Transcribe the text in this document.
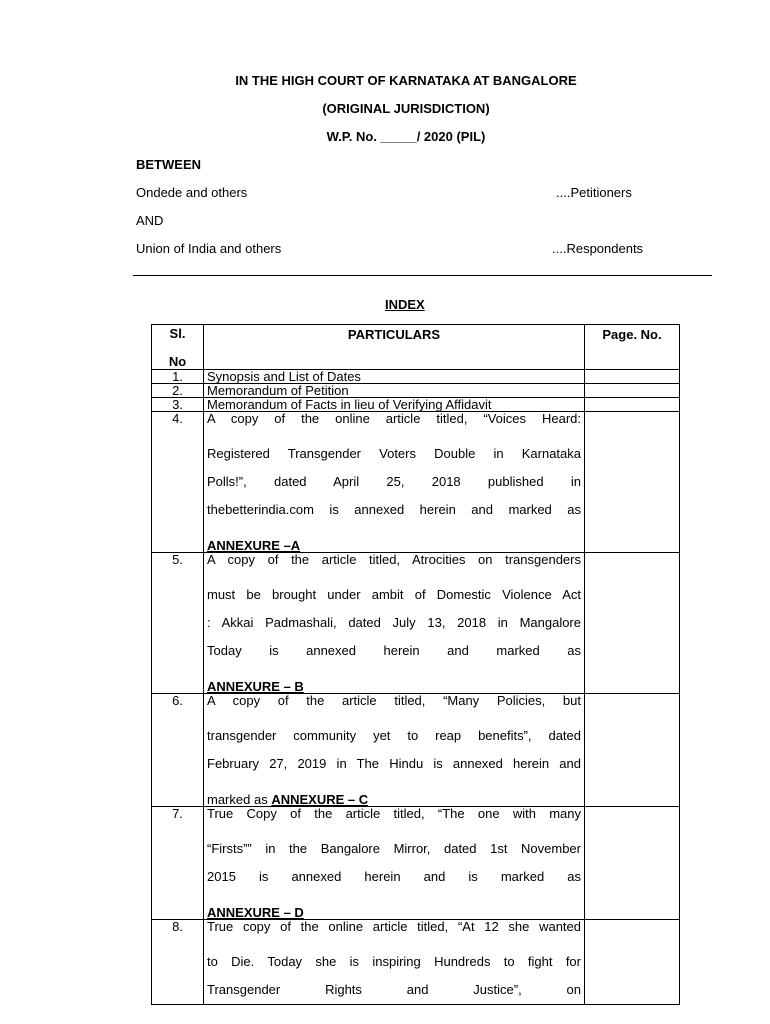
IN THE HIGH COURT OF KARNATAKA AT BANGALORE
(ORIGINAL JURISDICTION)
W.P. No. _____/ 2020 (PIL)
BETWEEN
Ondede and others	....Petitioners
AND
Union of India and others	....Respondents
INDEX
Sl.
No	PARTICULARS	Page. No.
1.	Synopsis and List of Dates	
2.	Memorandum of Petition	
3.	Memorandum of Facts in lieu of Verifying Affidavit	
4.	A copy of the online article titled, “Voices Heard:
Registered Transgender Voters Double in Karnataka
Polls!”, dated April 25, 2018 published in
thebetterindia.com is annexed herein and marked as
ANNEXURE –A	

5.	A copy of the article titled, Atrocities on transgenders
must be brought under ambit of Domestic Violence Act
: Akkai Padmashali, dated July 13, 2018 in Mangalore
Today is annexed herein and marked as
ANNEXURE – B	

6.	A copy of the article titled, “Many Policies, but
transgender community yet to reap benefits”, dated
February 27, 2019 in The Hindu is annexed herein and
marked as ANNEXURE – C	

7.	True Copy of the article titled, “The one with many
“Firsts”” in the Bangalore Mirror, dated 1st November
2015 is annexed herein and is marked as
ANNEXURE – D	

8.	True copy of the online article titled, “At 12 she wanted
to Die. Today she is inspiring Hundreds to fight for
Transgender Rights and Justice”, on	
